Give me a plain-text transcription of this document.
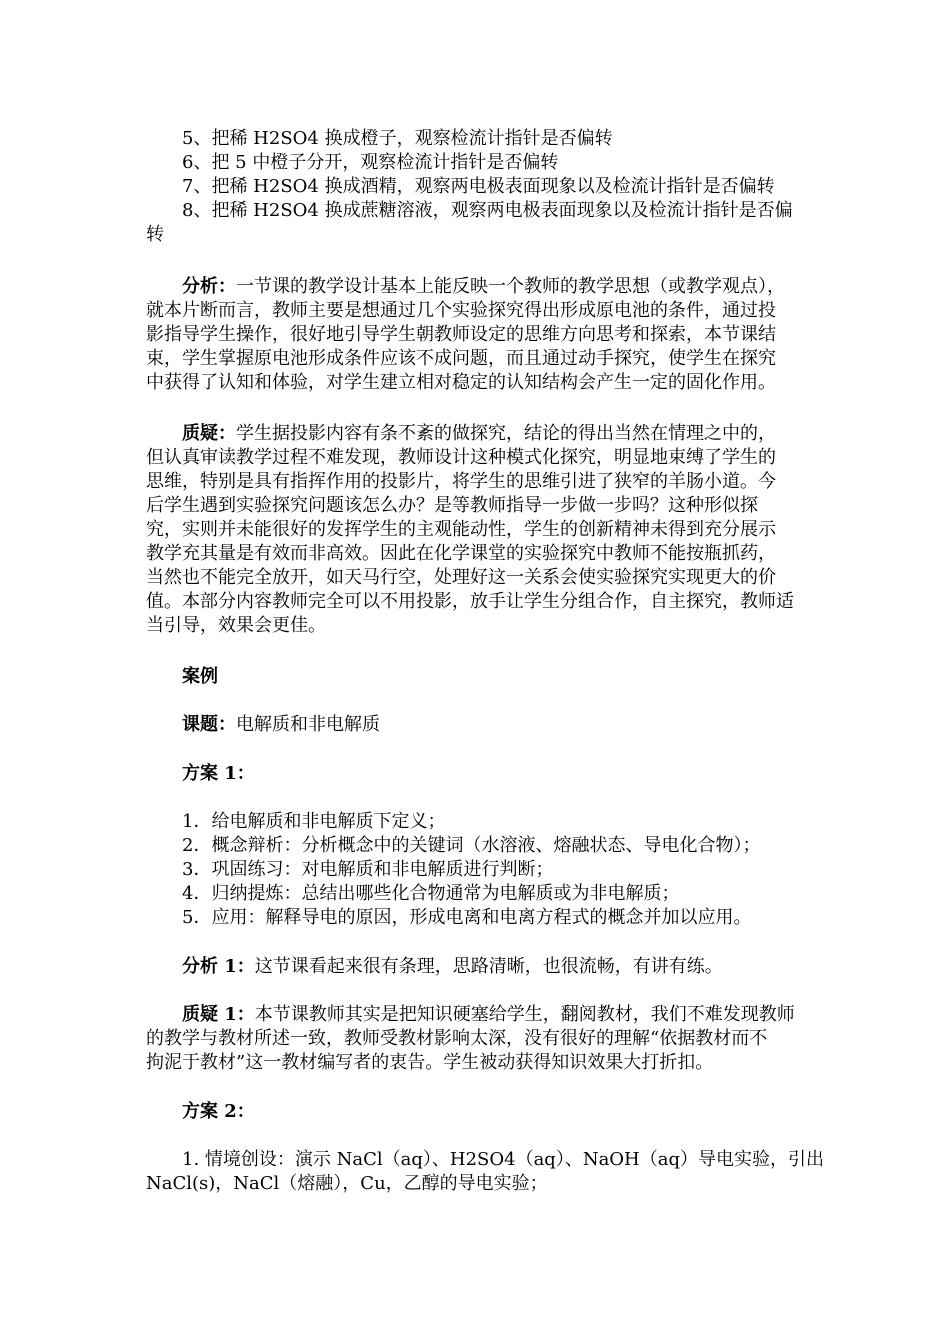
5、把稀 H2SO4 换成橙子，观察检流计指针是否偏转
6、把 5 中橙子分开，观察检流计指针是否偏转
7、把稀 H2SO4 换成酒精，观察两电极表面现象以及检流计指针是否偏转
8、把稀 H2SO4 换成蔗糖溶液，观察两电极表面现象以及检流计指针是否偏
转
分析：一节课的教学设计基本上能反映一个教师的教学思想（或教学观点），
就本片断而言，教师主要是想通过几个实验探究得出形成原电池的条件，通过投
影指导学生操作，很好地引导学生朝教师设定的思维方向思考和探索，本节课结
束，学生掌握原电池形成条件应该不成问题，而且通过动手探究，使学生在探究
中获得了认知和体验，对学生建立相对稳定的认知结构会产生一定的固化作用。
质疑：学生据投影内容有条不紊的做探究，结论的得出当然在情理之中的，
但认真审读教学过程不难发现，教师设计这种模式化探究，明显地束缚了学生的
思维，特别是具有指挥作用的投影片，将学生的思维引进了狭窄的羊肠小道。今
后学生遇到实验探究问题该怎么办？是等教师指导一步做一步吗？这种形似探
究，实则并未能很好的发挥学生的主观能动性，学生的创新精神未得到充分展示
教学充其量是有效而非高效。因此在化学课堂的实验探究中教师不能按瓶抓药，
当然也不能完全放开，如天马行空，处理好这一关系会使实验探究实现更大的价
值。本部分内容教师完全可以不用投影，放手让学生分组合作，自主探究，教师适
当引导，效果会更佳。
案例
课题：电解质和非电解质
方案 1：
1．给电解质和非电解质下定义；
2．概念辩析：分析概念中的关键词（水溶液、熔融状态、导电化合物）；
3．巩固练习：对电解质和非电解质进行判断；
4．归纳提炼：总结出哪些化合物通常为电解质或为非电解质；
5．应用：解释导电的原因，形成电离和电离方程式的概念并加以应用。
分析 1：这节课看起来很有条理，思路清晰，也很流畅，有讲有练。
质疑 1：本节课教师其实是把知识硬塞给学生，翻阅教材，我们不难发现教师
的教学与教材所述一致，教师受教材影响太深，没有很好的理解“依据教材而不
拘泥于教材”这一教材编写者的衷告。学生被动获得知识效果大打折扣。
方案 2：
1. 情境创设：演示 NaCl（aq）、H2SO4（aq）、NaOH（aq）导电实验，引出
NaCl(s)，NaCl（熔融），Cu，乙醇的导电实验；
